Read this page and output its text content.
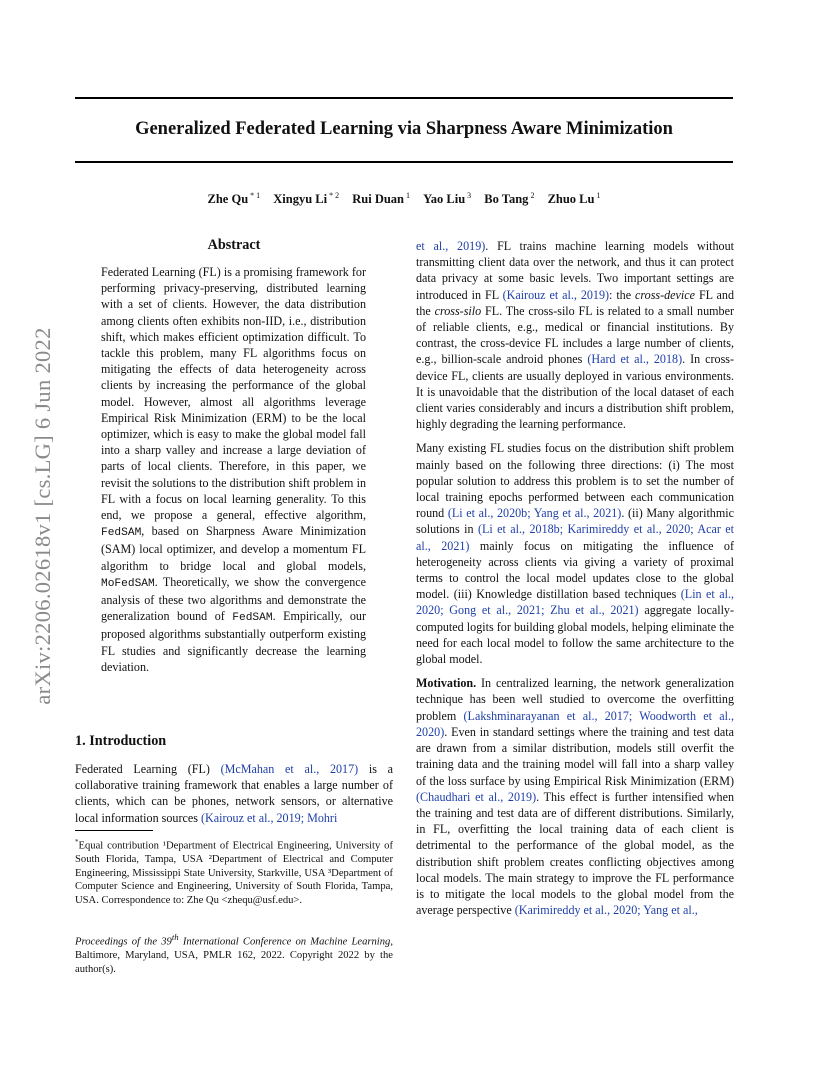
Generalized Federated Learning via Sharpness Aware Minimization
Zhe Qu $^{* 1}$ Xingyu Li $^{* 2}$ Rui Duan $^1$ Yao Liu $^3$ Bo Tang $^2$ Zhuo Lu $^1$
arXiv:2206.02618v1 [cs.LG] 6 Jun 2022
Abstract
Federated Learning (FL) is a promising framework for performing privacy-preserving, distributed learning with a set of clients. However, the data distribution among clients often exhibits non-IID, i.e., distribution shift, which makes efficient optimization difficult. To tackle this problem, many FL algorithms focus on mitigating the effects of data heterogeneity across clients by increasing the performance of the global model. However, almost all algorithms leverage Empirical Risk Minimization (ERM) to be the local optimizer, which is easy to make the global model fall into a sharp valley and increase a large deviation of parts of local clients. Therefore, in this paper, we revisit the solutions to the distribution shift problem in FL with a focus on local learning generality. To this end, we propose a general, effective algorithm, FedSAM, based on Sharpness Aware Minimization (SAM) local optimizer, and develop a momentum FL algorithm to bridge local and global models, MoFedSAM. Theoretically, we show the convergence analysis of these two algorithms and demonstrate the generalization bound of FedSAM. Empirically, our proposed algorithms substantially outperform existing FL studies and significantly decrease the learning deviation.
1. Introduction
Federated Learning (FL) (McMahan et al., 2017) is a collaborative training framework that enables a large number of clients, which can be phones, network sensors, or alternative local information sources (Kairouz et al., 2019; Mohri
*Equal contribution ¹Department of Electrical Engineering, University of South Florida, Tampa, USA ²Department of Electrical and Computer Engineering, Mississippi State University, Starkville, USA ³Department of Computer Science and Engineering, University of South Florida, Tampa, USA. Correspondence to: Zhe Qu <zhequ@usf.edu>.
Proceedings of the 39th International Conference on Machine Learning, Baltimore, Maryland, USA, PMLR 162, 2022. Copyright 2022 by the author(s).

et al., 2019). FL trains machine learning models without transmitting client data over the network, and thus it can protect data privacy at some basic levels. Two important settings are introduced in FL (Kairouz et al., 2019): the cross-device FL and the cross-silo FL. The cross-silo FL is related to a small number of reliable clients, e.g., medical or financial institutions. By contrast, the cross-device FL includes a large number of clients, e.g., billion-scale android phones (Hard et al., 2018). In cross-device FL, clients are usually deployed in various environments. It is unavoidable that the distribution of the local dataset of each client varies considerably and incurs a distribution shift problem, highly degrading the learning performance.

Many existing FL studies focus on the distribution shift problem mainly based on the following three directions: (i) The most popular solution to address this problem is to set the number of local training epochs performed between each communication round (Li et al., 2020b; Yang et al., 2021). (ii) Many algorithmic solutions in (Li et al., 2018b; Karimireddy et al., 2020; Acar et al., 2021) mainly focus on mitigating the influence of heterogeneity across clients via giving a variety of proximal terms to control the local model updates close to the global model. (iii) Knowledge distillation based techniques (Lin et al., 2020; Gong et al., 2021; Zhu et al., 2021) aggregate locally-computed logits for building global models, helping eliminate the need for each local model to follow the same architecture to the global model.

Motivation. In centralized learning, the network generalization technique has been well studied to overcome the overfitting problem (Lakshminarayanan et al., 2017; Woodworth et al., 2020). Even in standard settings where the training and test data are drawn from a similar distribution, models still overfit the training data and the training model will fall into a sharp valley of the loss surface by using Empirical Risk Minimization (ERM) (Chaudhari et al., 2019). This effect is further intensified when the training and test data are of different distributions. Similarly, in FL, overfitting the local training data of each client is detrimental to the performance of the global model, as the distribution shift problem creates conflicting objectives among local models. The main strategy to improve the FL performance is to mitigate the local models to the global model from the average perspective (Karimireddy et al., 2020; Yang et al.,
